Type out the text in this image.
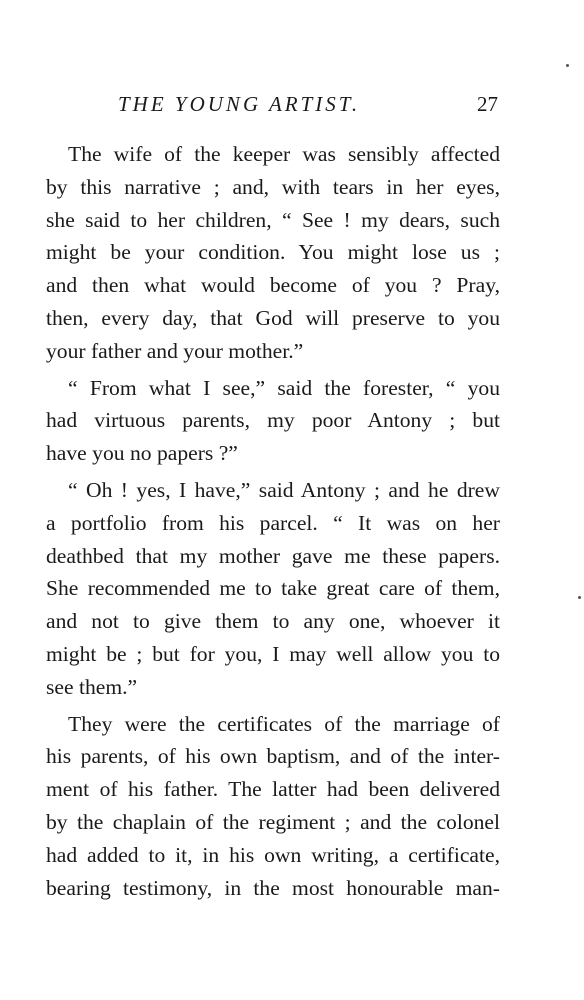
THE YOUNG ARTIST.	27
The wife of the keeper was sensibly affected
by this narrative ; and, with tears in her eyes,
she said to her children, “ See ! my dears, such
might be your condition. You might lose us ;
and then what would become of you ? Pray,
then, every day, that God will preserve to you
your father and your mother.”
“ From what I see,” said the forester, “ you
had virtuous parents, my poor Antony ; but
have you no papers ?”
“ Oh ! yes, I have,” said Antony ; and he drew
a portfolio from his parcel. “ It was on her
deathbed that my mother gave me these papers.
She recommended me to take great care of them,
and not to give them to any one, whoever it
might be ; but for you, I may well allow you to
see them.”
They were the certificates of the marriage of
his parents, of his own baptism, and of the inter-
ment of his father. The latter had been delivered
by the chaplain of the regiment ; and the colonel
had added to it, in his own writing, a certificate,
bearing testimony, in the most honourable man-
